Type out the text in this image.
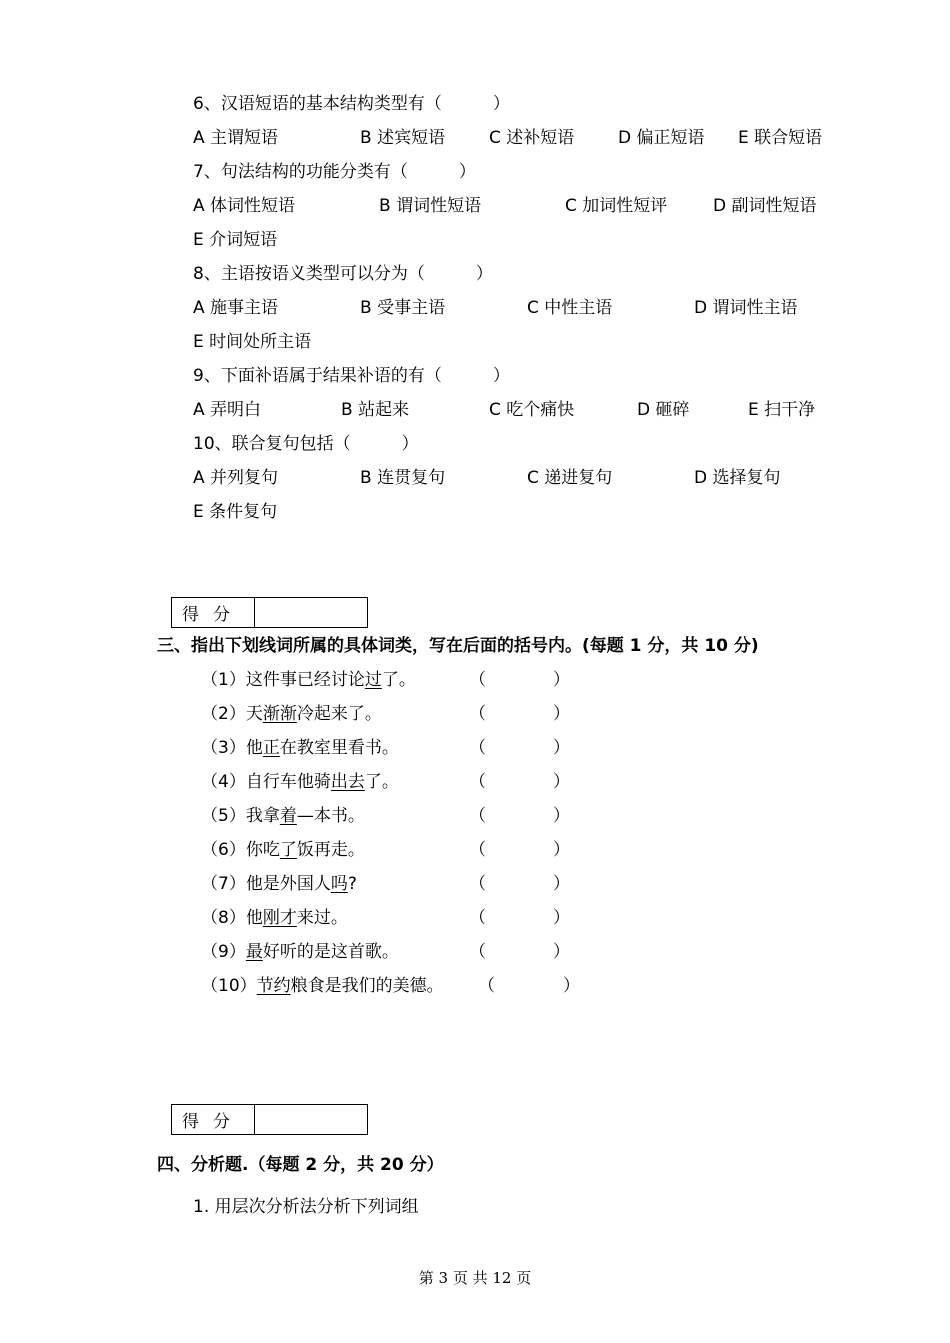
6、汉语短语的基本结构类型有（　　　）
A 主谓短语	B 述宾短语	C 述补短语	D 偏正短语 E 联合短语
7、句法结构的功能分类有（　　　）
A 体词性短语	B 谓词性短语	C 加词性短评	D 副词性短语
E 介词短语
8、主语按语义类型可以分为（　　　）
A 施事主语	B 受事主语	C 中性主语	D 谓词性主语
E 时间处所主语
9、下面补语属于结果补语的有（　　　）
A 弄明白	B 站起来	C 吃个痛快	D 砸碎	E 扫干净
10、联合复句包括（　　　）
A 并列复句	B 连贯复句	C 递进复句	D 选择复句
E 条件复句
得分
三、指出下划线词所属的具体词类，写在后面的括号内。(每题 1 分，共 10 分)
（1）这件事已经讨论过了。	（	）
（2）天渐渐冷起来了。	（	）
（3）他正在教室里看书。	（	）
（4）自行车他骑出去了。	（	）
（5）我拿着—本书。	（	）
（6）你吃了饭再走。	（	）
（7）他是外国人吗?	（	）
（8）他刚才来过。	（	）
（9）最好听的是这首歌。	（	）
（10）节约粮食是我们的美德。 （	）
得分
四、分析题.（每题 2 分，共 20 分）
1. 用层次分析法分析下列词组
第 3 页 共 12 页
